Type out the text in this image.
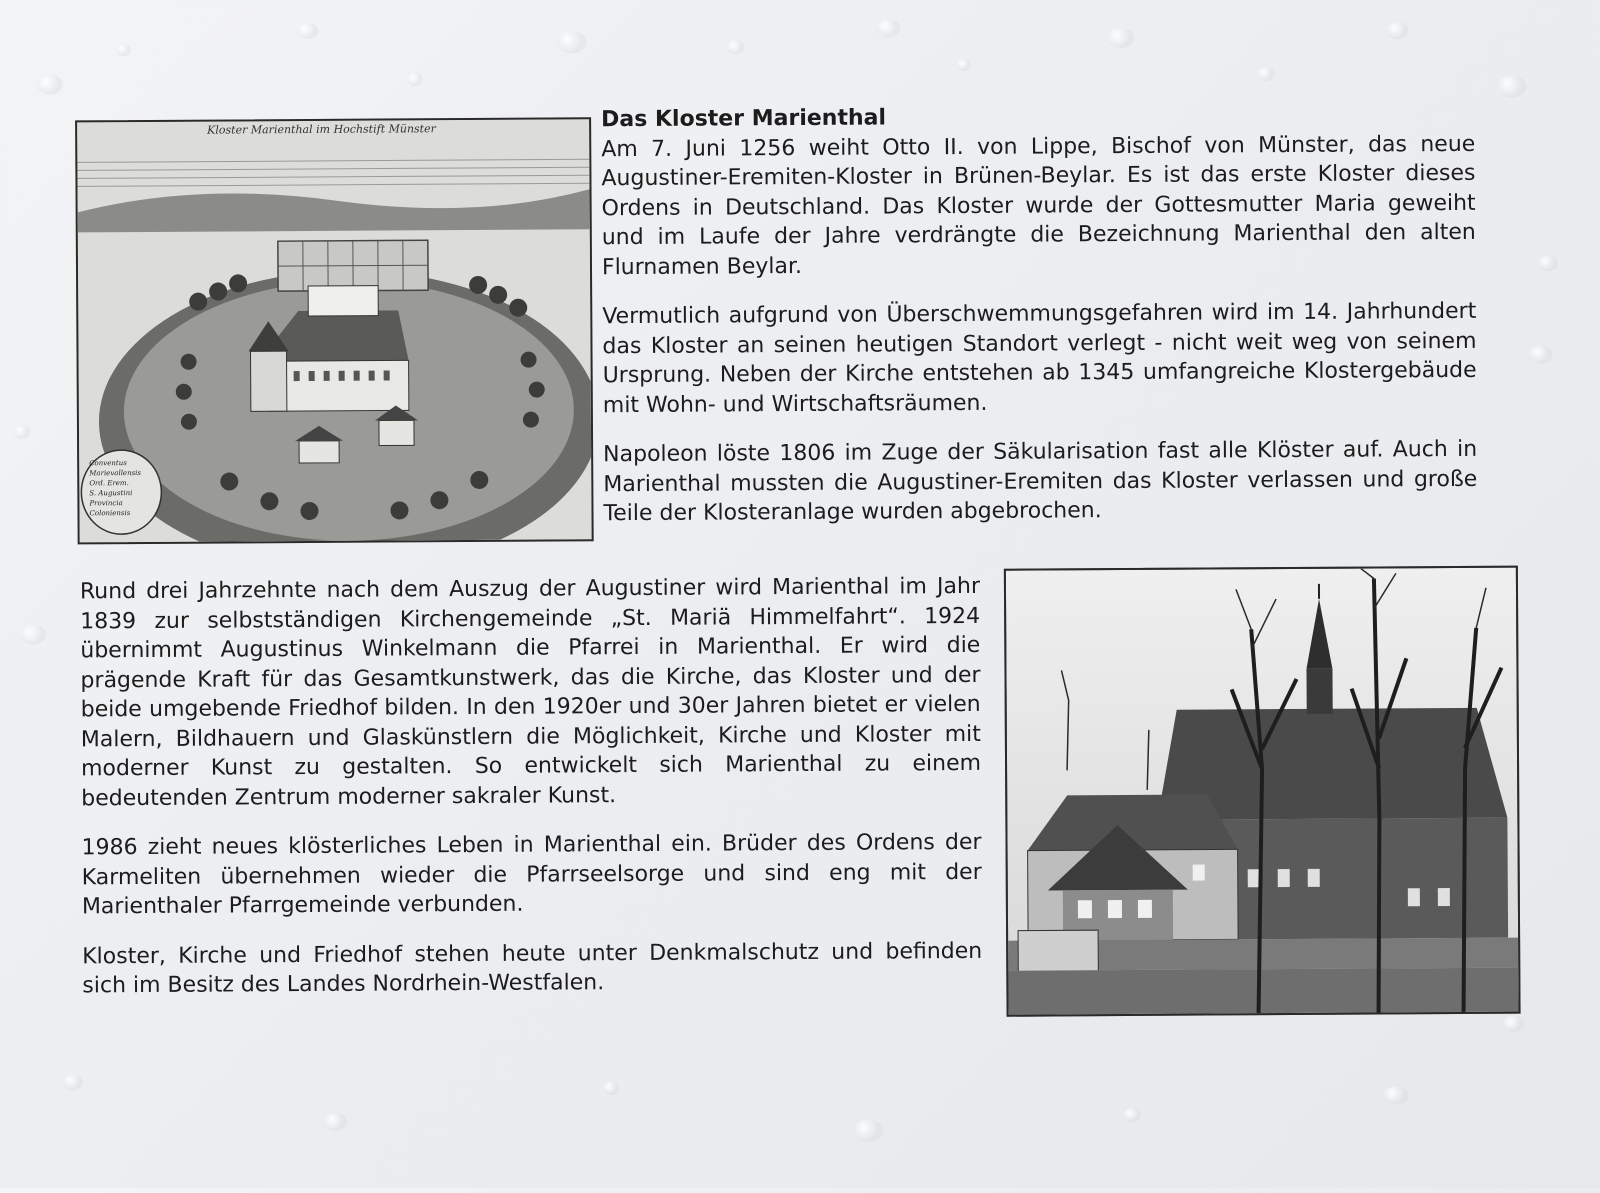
Kloster Marienthal im Hochstift Münster
Conventus
Marievallensis
Ord. Erem.
S. Augustini
Provincia
Coloniensis
Das Kloster Marienthal

Am 7. Juni 1256 weiht Otto II. von Lippe, Bischof von Münster, das neue Augustiner-Eremiten-Kloster in Brünen-Beylar. Es ist das erste Kloster dieses Ordens in Deutschland. Das Kloster wurde der Gottesmutter Maria geweiht und im Laufe der Jahre verdrängte die Bezeichnung Marienthal den alten Flurnamen Beylar.

Vermutlich aufgrund von Überschwemmungsgefahren wird im 14. Jahrhundert das Kloster an seinen heutigen Standort verlegt - nicht weit weg von seinem Ursprung. Neben der Kirche entstehen ab 1345 umfangreiche Klostergebäude mit Wohn- und Wirtschaftsräumen.

Napoleon löste 1806 im Zuge der Säkularisation fast alle Klöster auf. Auch in Marienthal mussten die Augustiner-Eremiten das Kloster verlassen und große Teile der Klosteranlage wurden abgebrochen.

Rund drei Jahrzehnte nach dem Auszug der Augustiner wird Marienthal im Jahr 1839 zur selbstständigen Kirchengemeinde „St. Mariä Himmelfahrt“. 1924 übernimmt Augustinus Winkelmann die Pfarrei in Marienthal. Er wird die prägende Kraft für das Gesamtkunstwerk, das die Kirche, das Kloster und der beide umgebende Friedhof bilden. In den 1920er und 30er Jahren bietet er vielen Malern, Bildhauern und Glaskünstlern die Möglichkeit, Kirche und Kloster mit moderner Kunst zu gestalten. So entwickelt sich Marienthal zu einem bedeutenden Zentrum moderner sakraler Kunst.

1986 zieht neues klösterliches Leben in Marienthal ein. Brüder des Ordens der Karmeliten übernehmen wieder die Pfarrseelsorge und sind eng mit der Marienthaler Pfarrgemeinde verbunden.

Kloster, Kirche und Friedhof stehen heute unter Denkmalschutz und befinden sich im Besitz des Landes Nordrhein-Westfalen.
